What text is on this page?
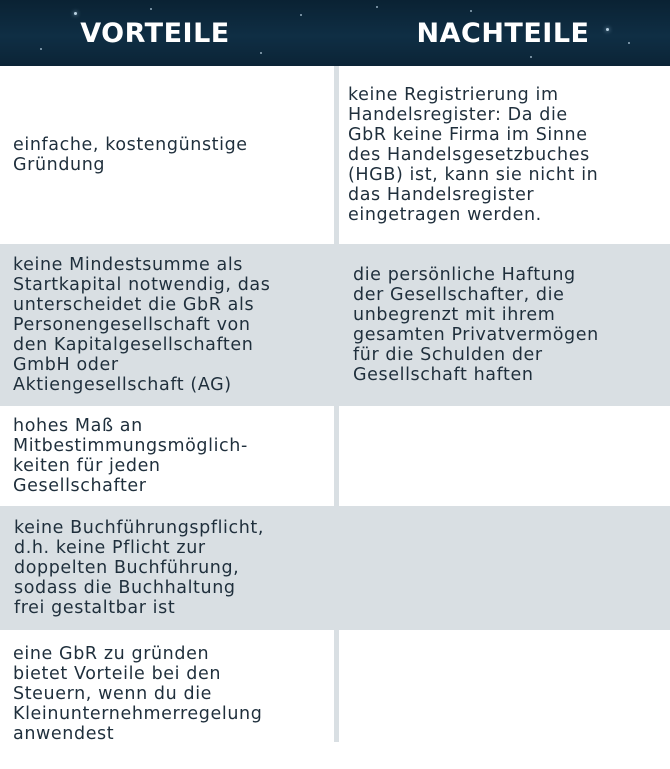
VORTEILE	NACHTEILE
einfache, kostengünstige
Gründung
keine Registrierung im
Handelsregister: Da die
GbR keine Firma im Sinne
des Handelsgesetzbuches
(HGB) ist, kann sie nicht in
das Handelsregister
eingetragen werden.
keine Mindestsumme als
Startkapital notwendig, das
unterscheidet die GbR als
Personengesellschaft von
den Kapitalgesellschaften
GmbH oder
Aktiengesellschaft (AG)
die persönliche Haftung
der Gesellschafter, die
unbegrenzt mit ihrem
gesamten Privatvermögen
für die Schulden der
Gesellschaft haften
hohes Maß an
Mitbestimmungsmöglich-
keiten für jeden
Gesellschafter
keine Buchführungspflicht,
d.h. keine Pflicht zur
doppelten Buchführung,
sodass die Buchhaltung
frei gestaltbar ist
eine GbR zu gründen
bietet Vorteile bei den
Steuern, wenn du die
Kleinunternehmerregelung
anwendest
